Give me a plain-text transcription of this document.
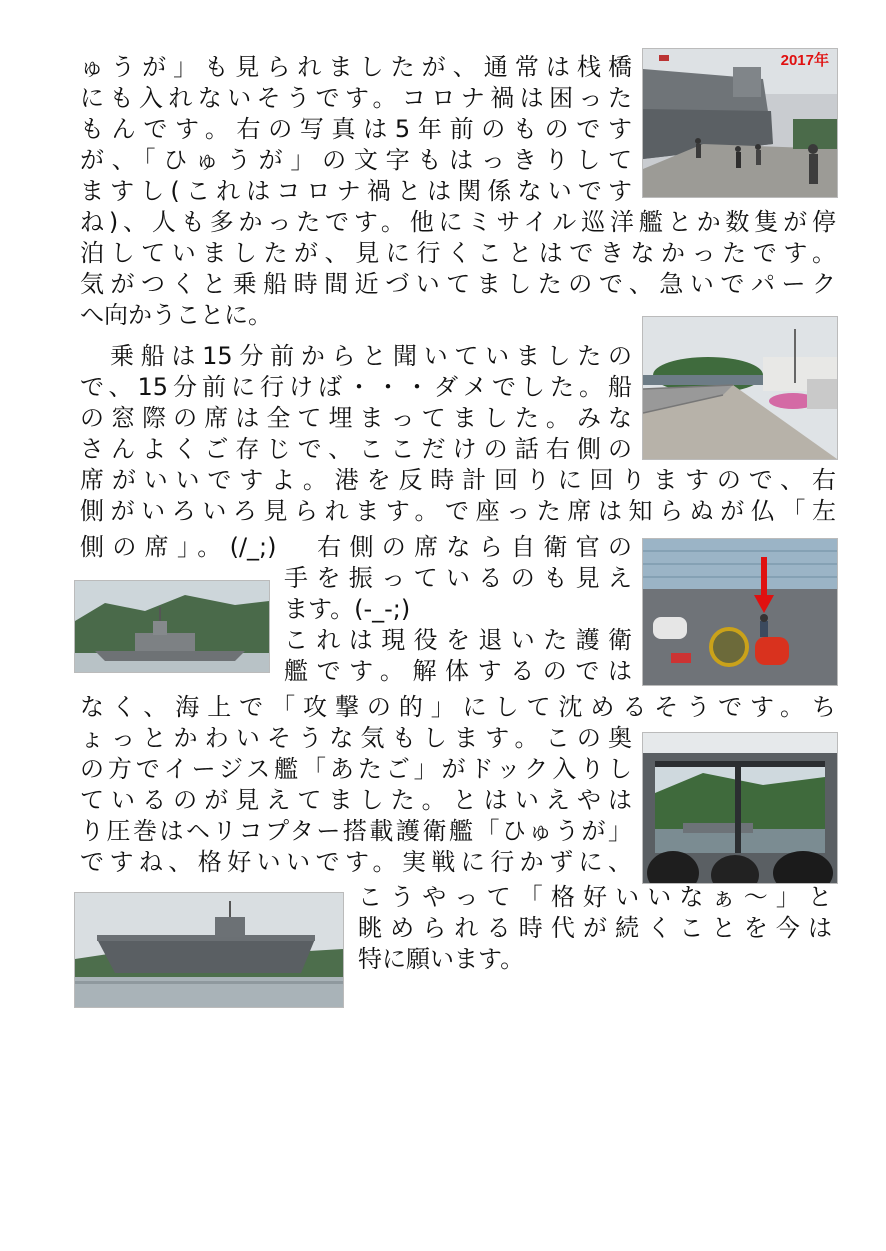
ゅうが」も見られましたが、通常は栈橋
にも入れないそうです。コロナ禍は困った
もんです。右の写真は5年前のものです
が、「ひゅうが」の文字もはっきりして
ますし(これはコロナ禍とは関係ないです
ね)、人も多かったです。他にミサイル巡洋艦とか数隻が停
泊していましたが、見に行くことはできなかったです。
気がつくと乗船時間近づいてましたので、急いでパーク
へ向かうことに。
乗船は15分前からと聞いていましたの
で、15分前に行けば・・・ダメでした。船
の窓際の席は全て埋まってました。みな
さんよくご存じで、ここだけの話右側の
席がいいですよ。港を反時計回りに回りますので、右
側がいろいろ見られます。で座った席は知らぬが仏「左
側の席」。(/_;)　右側の席なら自衛官の
手を振っているのも見え
ます。(-_-;)
これは現役を退いた護衛
艦です。解体するのでは
なく、海上で「攻撃の的」にして沈めるそうです。ち
ょっとかわいそうな気もします。この奥
の方でイージス艦「あたご」がドック入りし
ているのが見えてました。とはいえやは
り圧巻はヘリコプター搭載護衛艦「ひゅうが」
ですね、格好いいです。実戦に行かずに、
こうやって「格好いいなぁ〜」と
眺められる時代が続くことを今は
特に願います。
2017年
